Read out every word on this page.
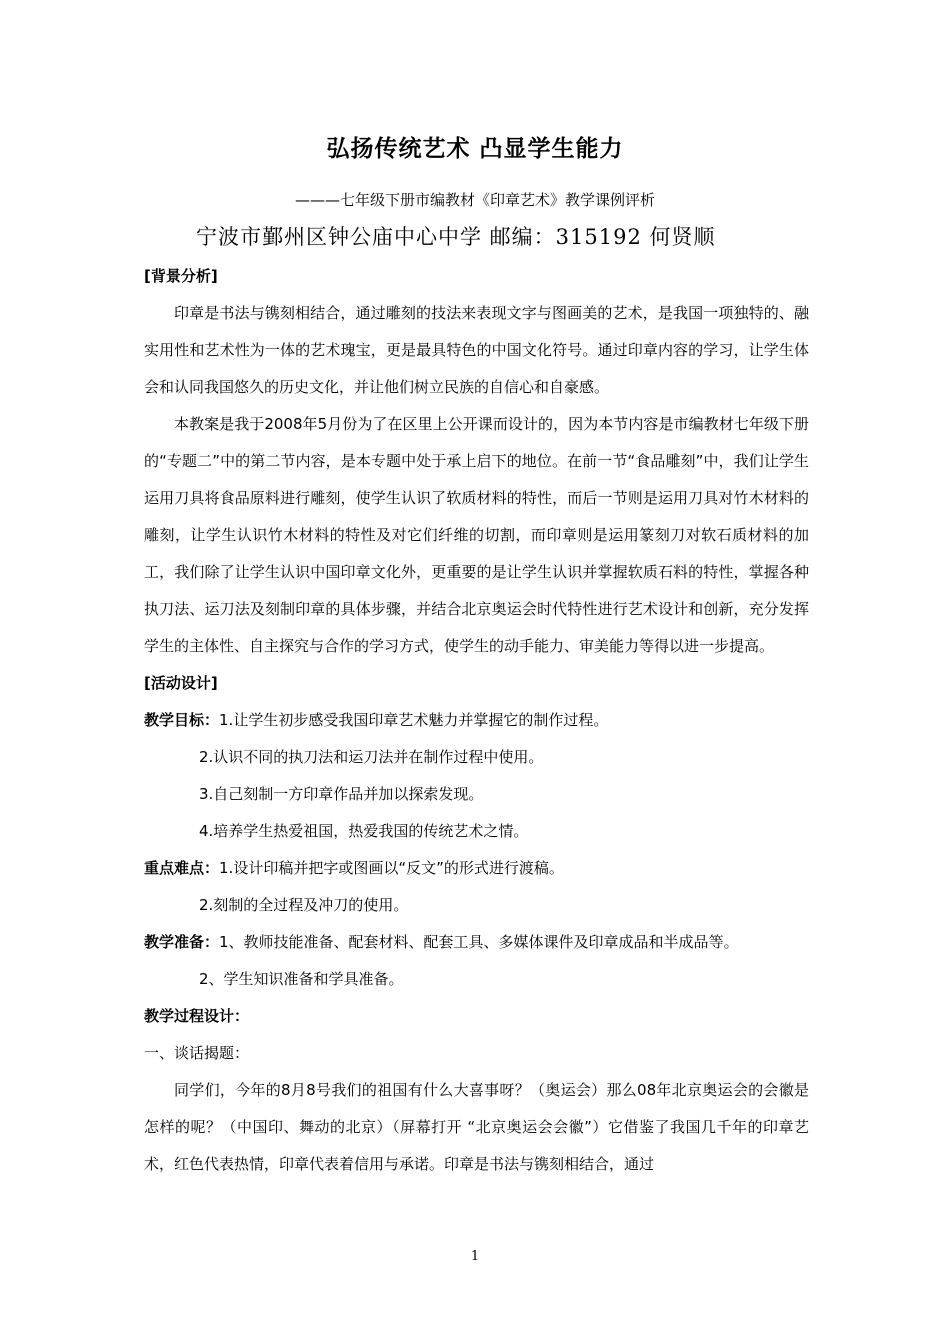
弘扬传统艺术 凸显学生能力
———七年级下册市编教材《印章艺术》教学课例评析
宁波市鄞州区钟公庙中心中学 邮编：315192 何贤顺

[背景分析]

印章是书法与镌刻相结合，通过雕刻的技法来表现文字与图画美的艺术，是我国一项独特的、融实用性和艺术性为一体的艺术瑰宝，更是最具特色的中国文化符号。通过印章内容的学习，让学生体会和认同我国悠久的历史文化，并让他们树立民族的自信心和自豪感。

本教案是我于2008年5月份为了在区里上公开课而设计的，因为本节内容是市编教材七年级下册的“专题二”中的第二节内容，是本专题中处于承上启下的地位。在前一节“食品雕刻”中，我们让学生运用刀具将食品原料进行雕刻，使学生认识了软质材料的特性，而后一节则是运用刀具对竹木材料的雕刻，让学生认识竹木材料的特性及对它们纤维的切割，而印章则是运用篆刻刀对软石质材料的加工，我们除了让学生认识中国印章文化外，更重要的是让学生认识并掌握软质石料的特性，掌握各种执刀法、运刀法及刻制印章的具体步骤，并结合北京奥运会时代特性进行艺术设计和创新，充分发挥学生的主体性、自主探究与合作的学习方式，使学生的动手能力、审美能力等得以进一步提高。

[活动设计]

教学目标：1.让学生初步感受我国印章艺术魅力并掌握它的制作过程。

2.认识不同的执刀法和运刀法并在制作过程中使用。

3.自己刻制一方印章作品并加以探索发现。

4.培养学生热爱祖国，热爱我国的传统艺术之情。

重点难点：1.设计印稿并把字或图画以“反文”的形式进行渡稿。

2.刻制的全过程及冲刀的使用。

教学准备：1、教师技能准备、配套材料、配套工具、多媒体课件及印章成品和半成品等。

2、学生知识准备和学具准备。

教学过程设计：

一、谈话揭题：

同学们，今年的8月8号我们的祖国有什么大喜事呀？（奥运会）那么08年北京奥运会的会徽是怎样的呢？（中国印、舞动的北京）（屏幕打开 “北京奥运会会徽”）它借鉴了我国几千年的印章艺术，红色代表热情，印章代表着信用与承诺。印章是书法与镌刻相结合，通过

1
